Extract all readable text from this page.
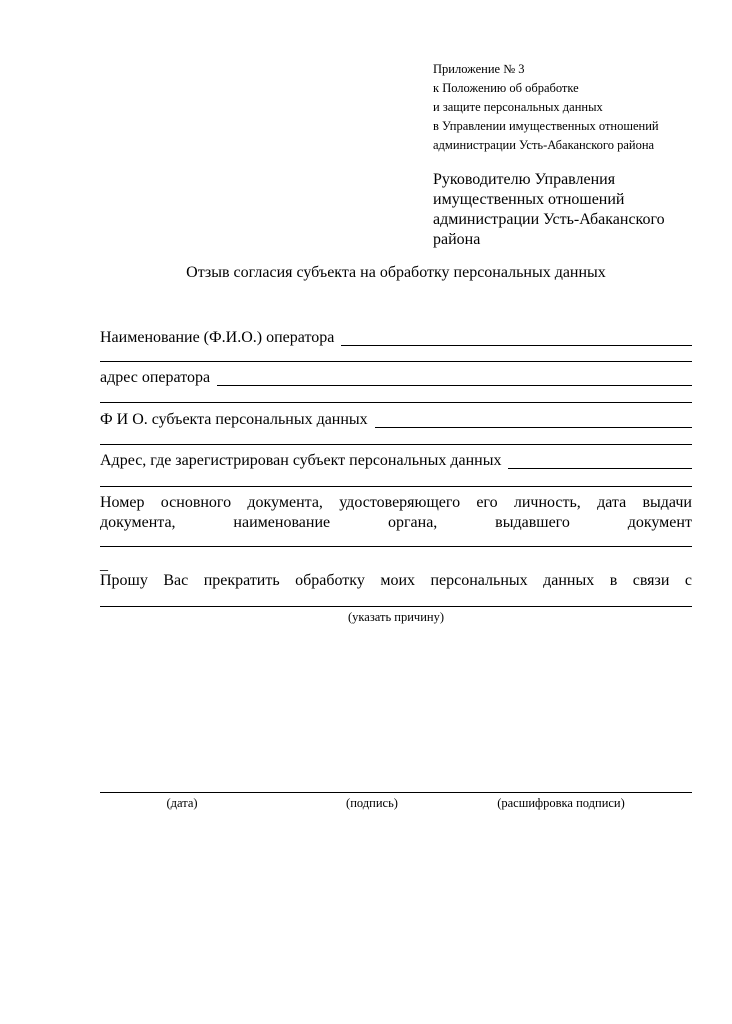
Приложение № 3
к Положению об обработке
и защите персональных данных
в Управлении имущественных отношений
администрации Усть-Абаканского района
Руководителю Управления
имущественных отношений
администрации Усть-Абаканского
района
Отзыв согласия субъекта на обработку персональных данных
Наименование (Ф.И.О.) оператора
адрес оператора
Ф И О. субъекта персональных данных
Адрес, где зарегистрирован субъект персональных данных
Номер основного документа, удостоверяющего его личность, дата выдачи
документа,	наименование	органа,	выдавшего	документ
_
Прошу Вас прекратить обработку моих персональных данных в связи с
(указать причину)
(дата)	(подпись)	(расшифровка подписи)
